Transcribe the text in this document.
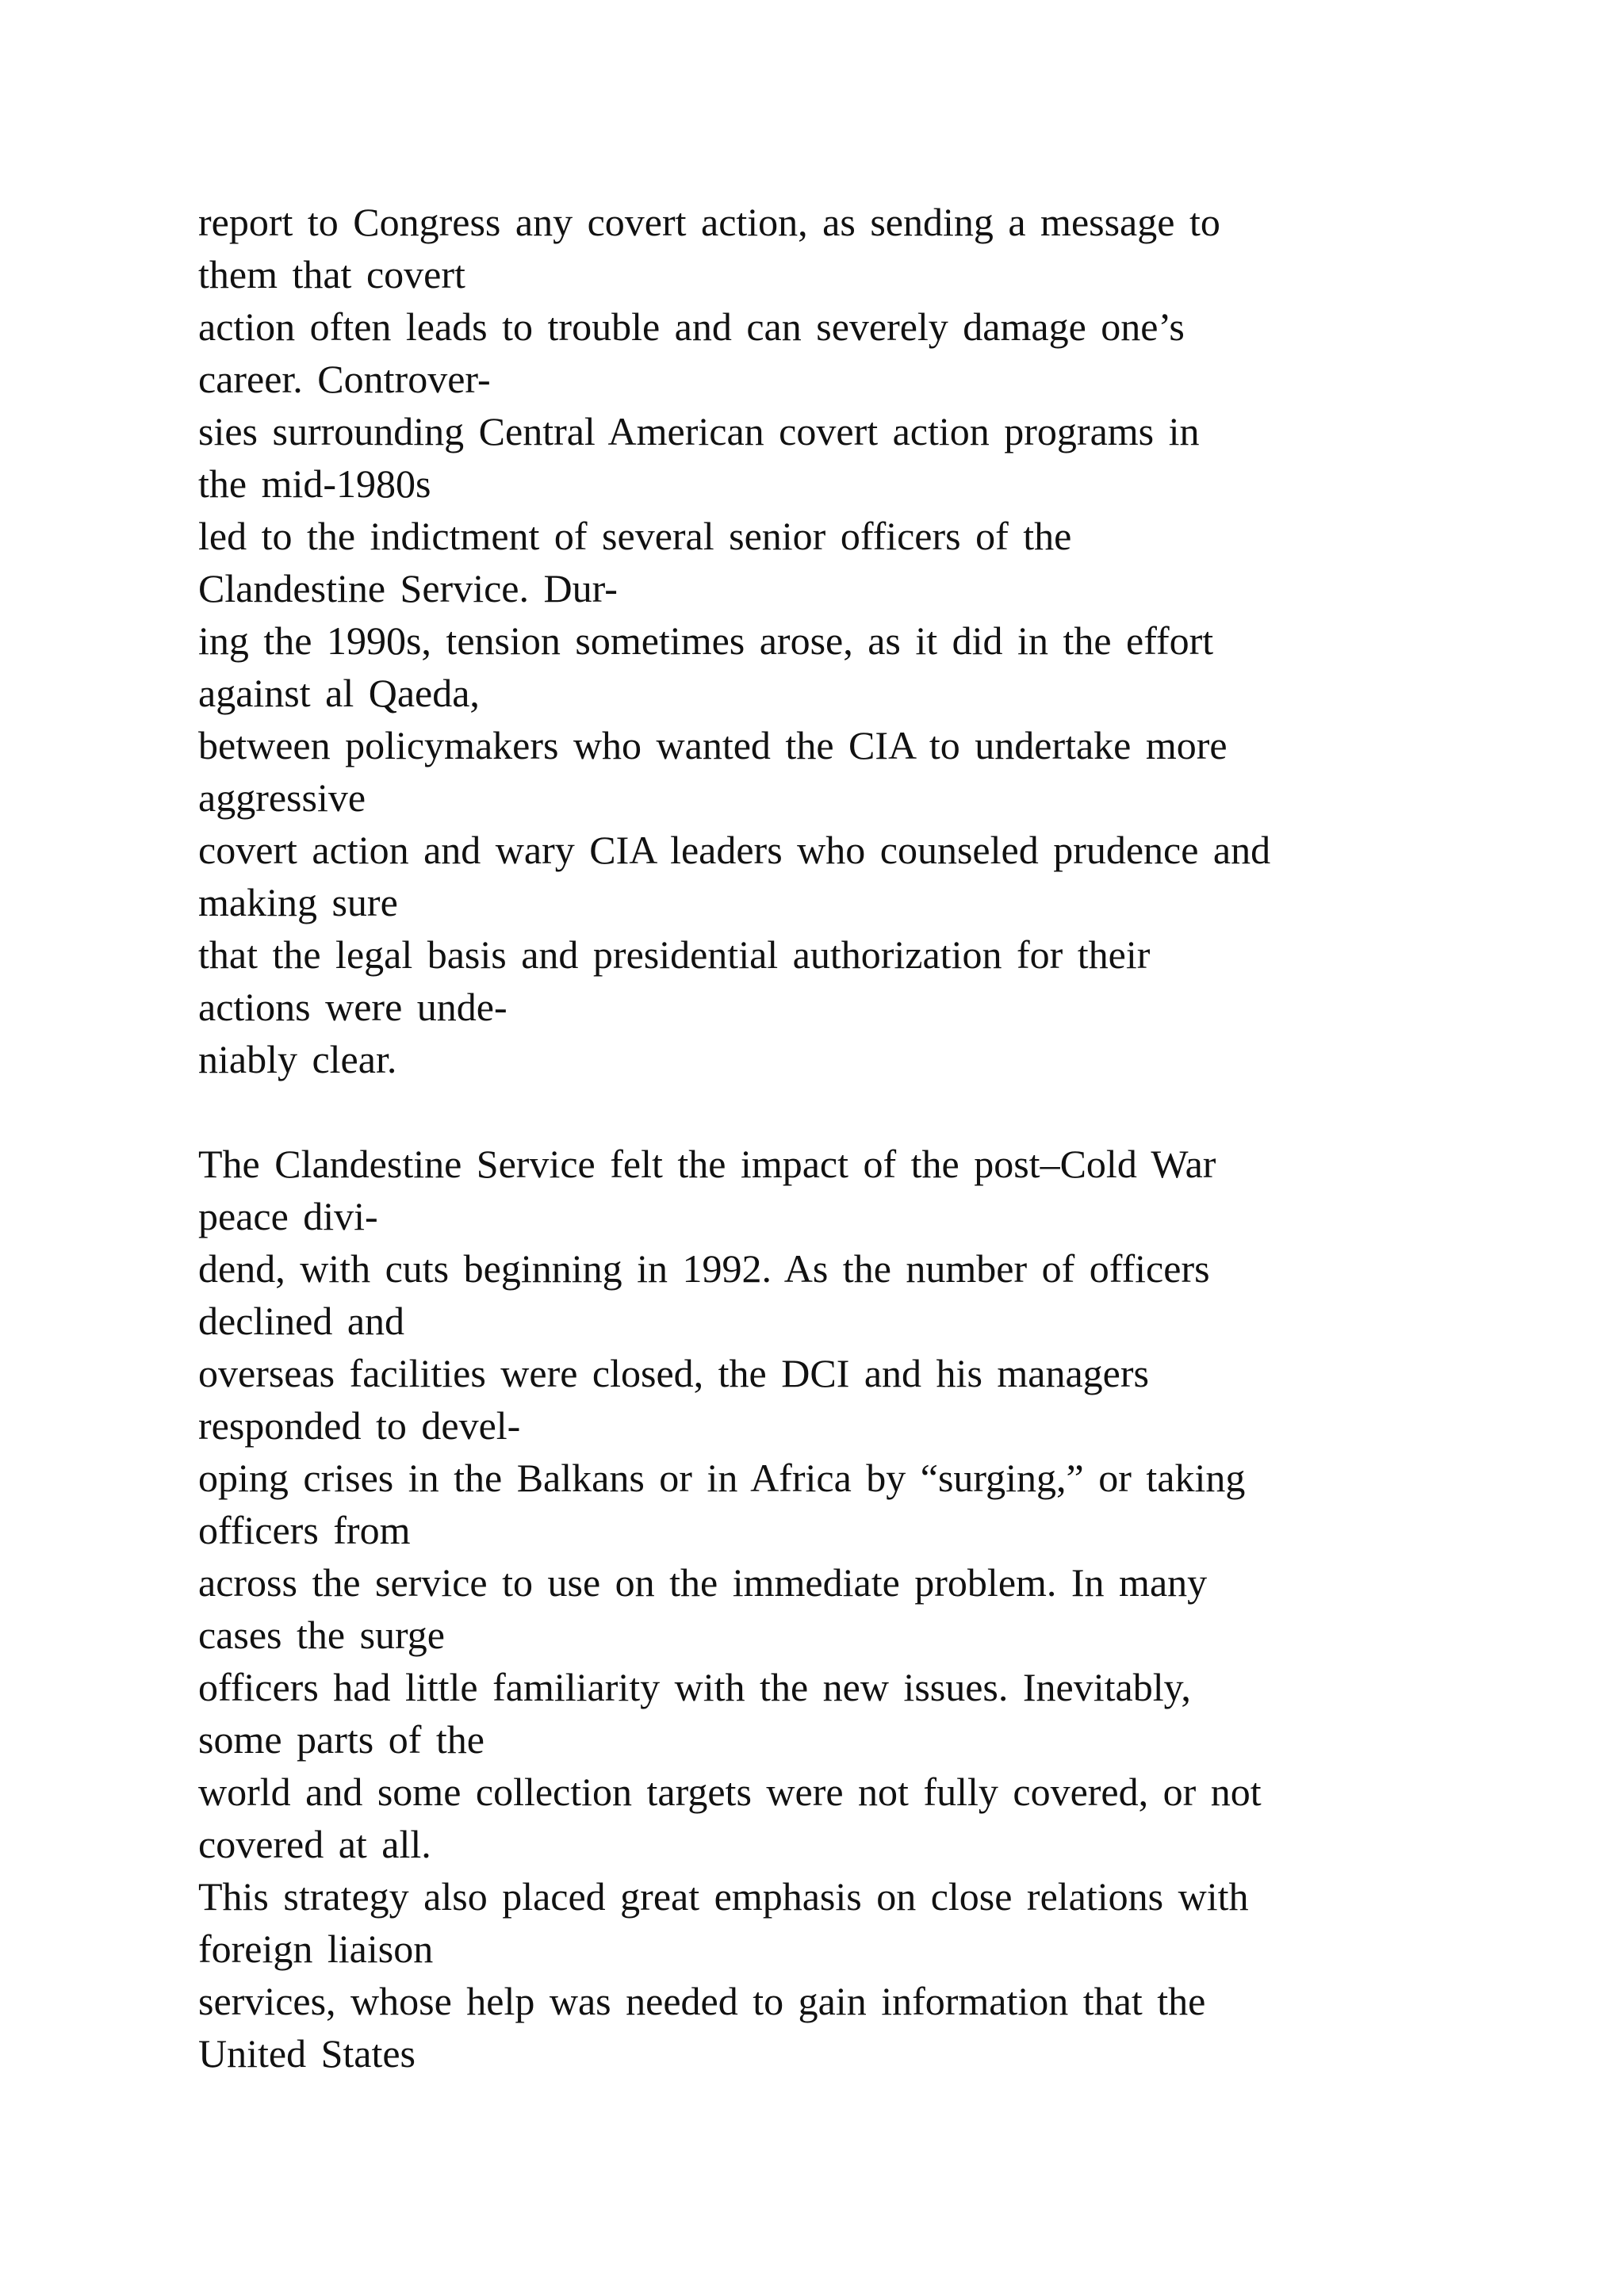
report to Congress any covert action, as sending a message to
them that covert
action often leads to trouble and can severely damage one’s
career. Controver-
sies surrounding Central American covert action programs in
the mid-1980s
led to the indictment of several senior officers of the
Clandestine Service. Dur-
ing the 1990s, tension sometimes arose, as it did in the effort
against al Qaeda,
between policymakers who wanted the CIA to undertake more
aggressive
covert action and wary CIA leaders who counseled prudence and
making sure
that the legal basis and presidential authorization for their
actions were unde-
niably clear.
The Clandestine Service felt the impact of the post–Cold War
peace divi-
dend, with cuts beginning in 1992. As the number of officers
declined and
overseas facilities were closed, the DCI and his managers
responded to devel-
oping crises in the Balkans or in Africa by “surging,” or taking
officers from
across the service to use on the immediate problem. In many
cases the surge
officers had little familiarity with the new issues. Inevitably,
some parts of the
world and some collection targets were not fully covered, or not
covered at all.
This strategy also placed great emphasis on close relations with
foreign liaison
services, whose help was needed to gain information that the
United States
